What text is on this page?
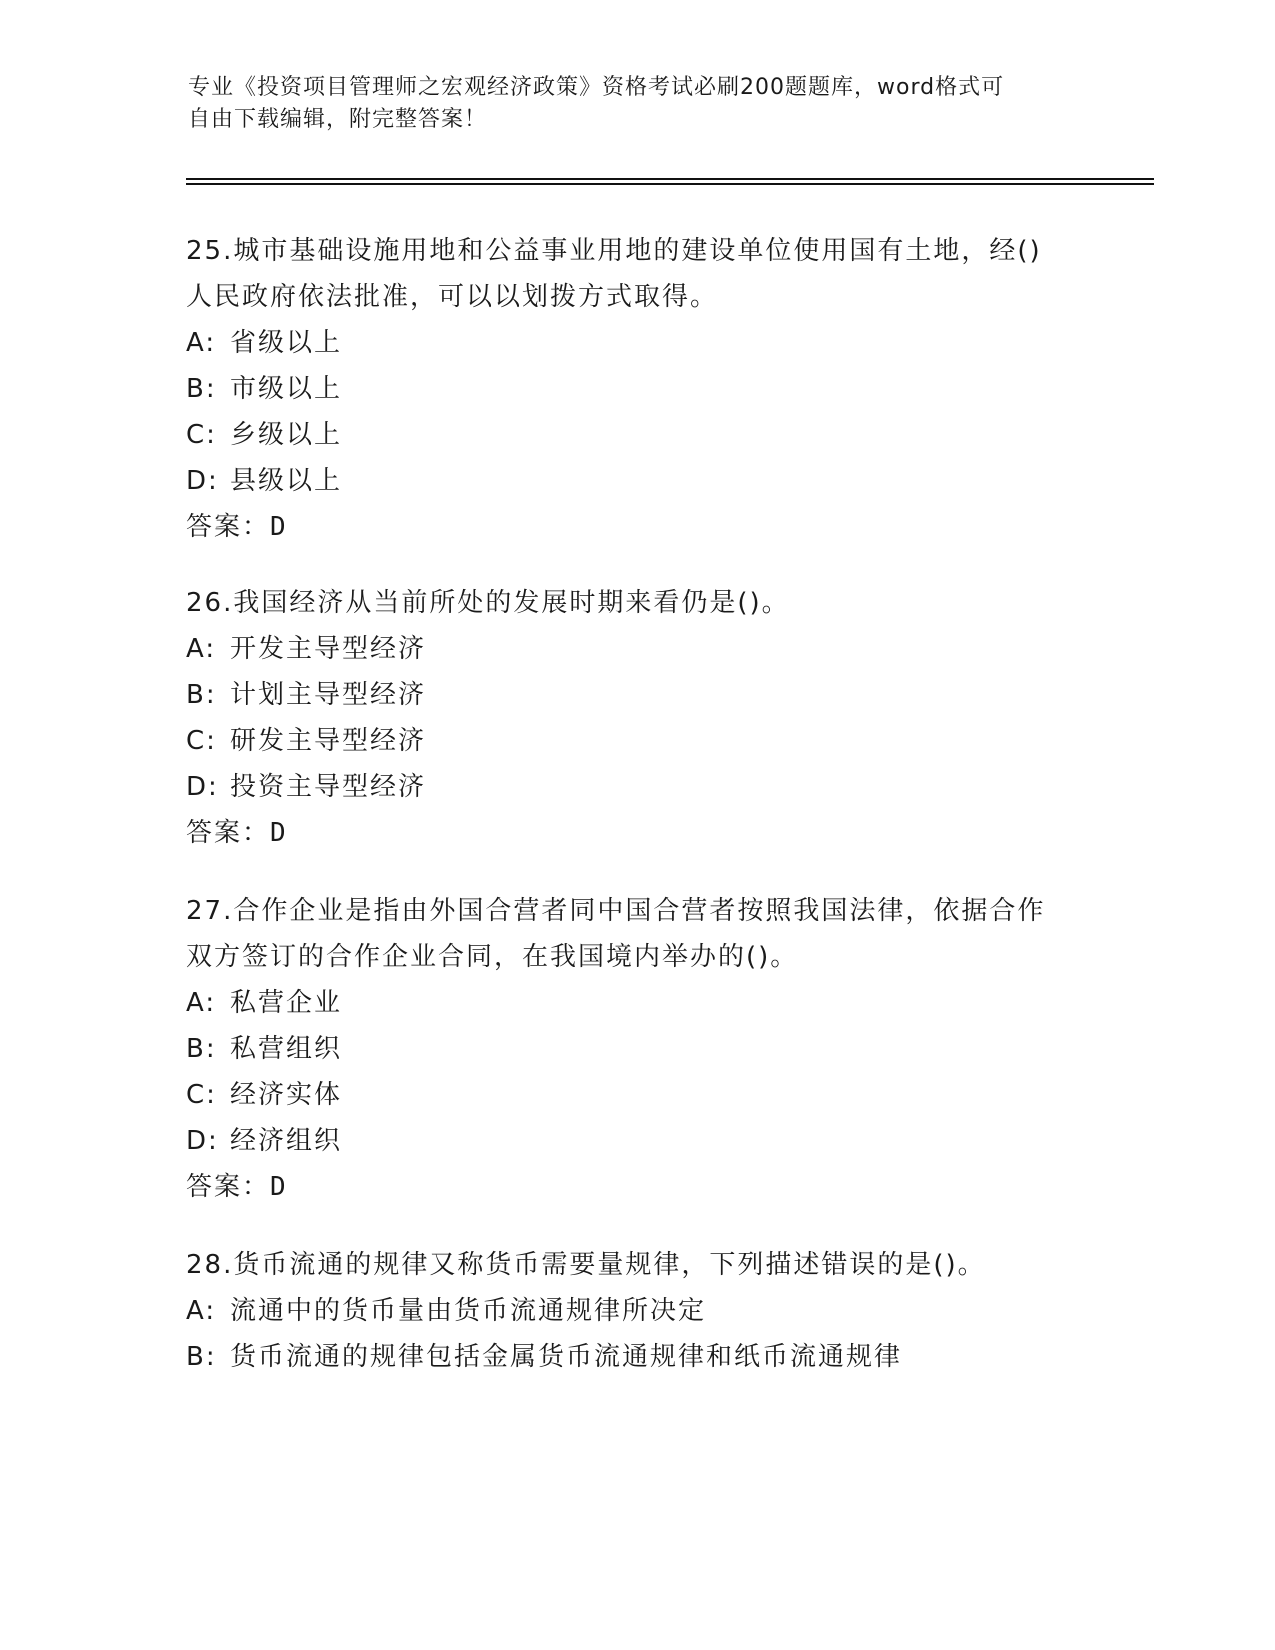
专业《投资项目管理师之宏观经济政策》资格考试必刷200题题库，word格式可
自由下载编辑，附完整答案！

25.城市基础设施用地和公益事业用地的建设单位使用国有土地，经()

人民政府依法批准，可以以划拨方式取得。

A: 省级以上

B: 市级以上

C: 乡级以上

D: 县级以上

答案：D

26.我国经济从当前所处的发展时期来看仍是()。

A: 开发主导型经济

B: 计划主导型经济

C: 研发主导型经济

D: 投资主导型经济

答案：D

27.合作企业是指由外国合营者同中国合营者按照我国法律，依据合作

双方签订的合作企业合同，在我国境内举办的()。

A: 私营企业

B: 私营组织

C: 经济实体

D: 经济组织

答案：D

28.货币流通的规律又称货币需要量规律，下列描述错误的是()。

A: 流通中的货币量由货币流通规律所决定

B: 货币流通的规律包括金属货币流通规律和纸币流通规律
